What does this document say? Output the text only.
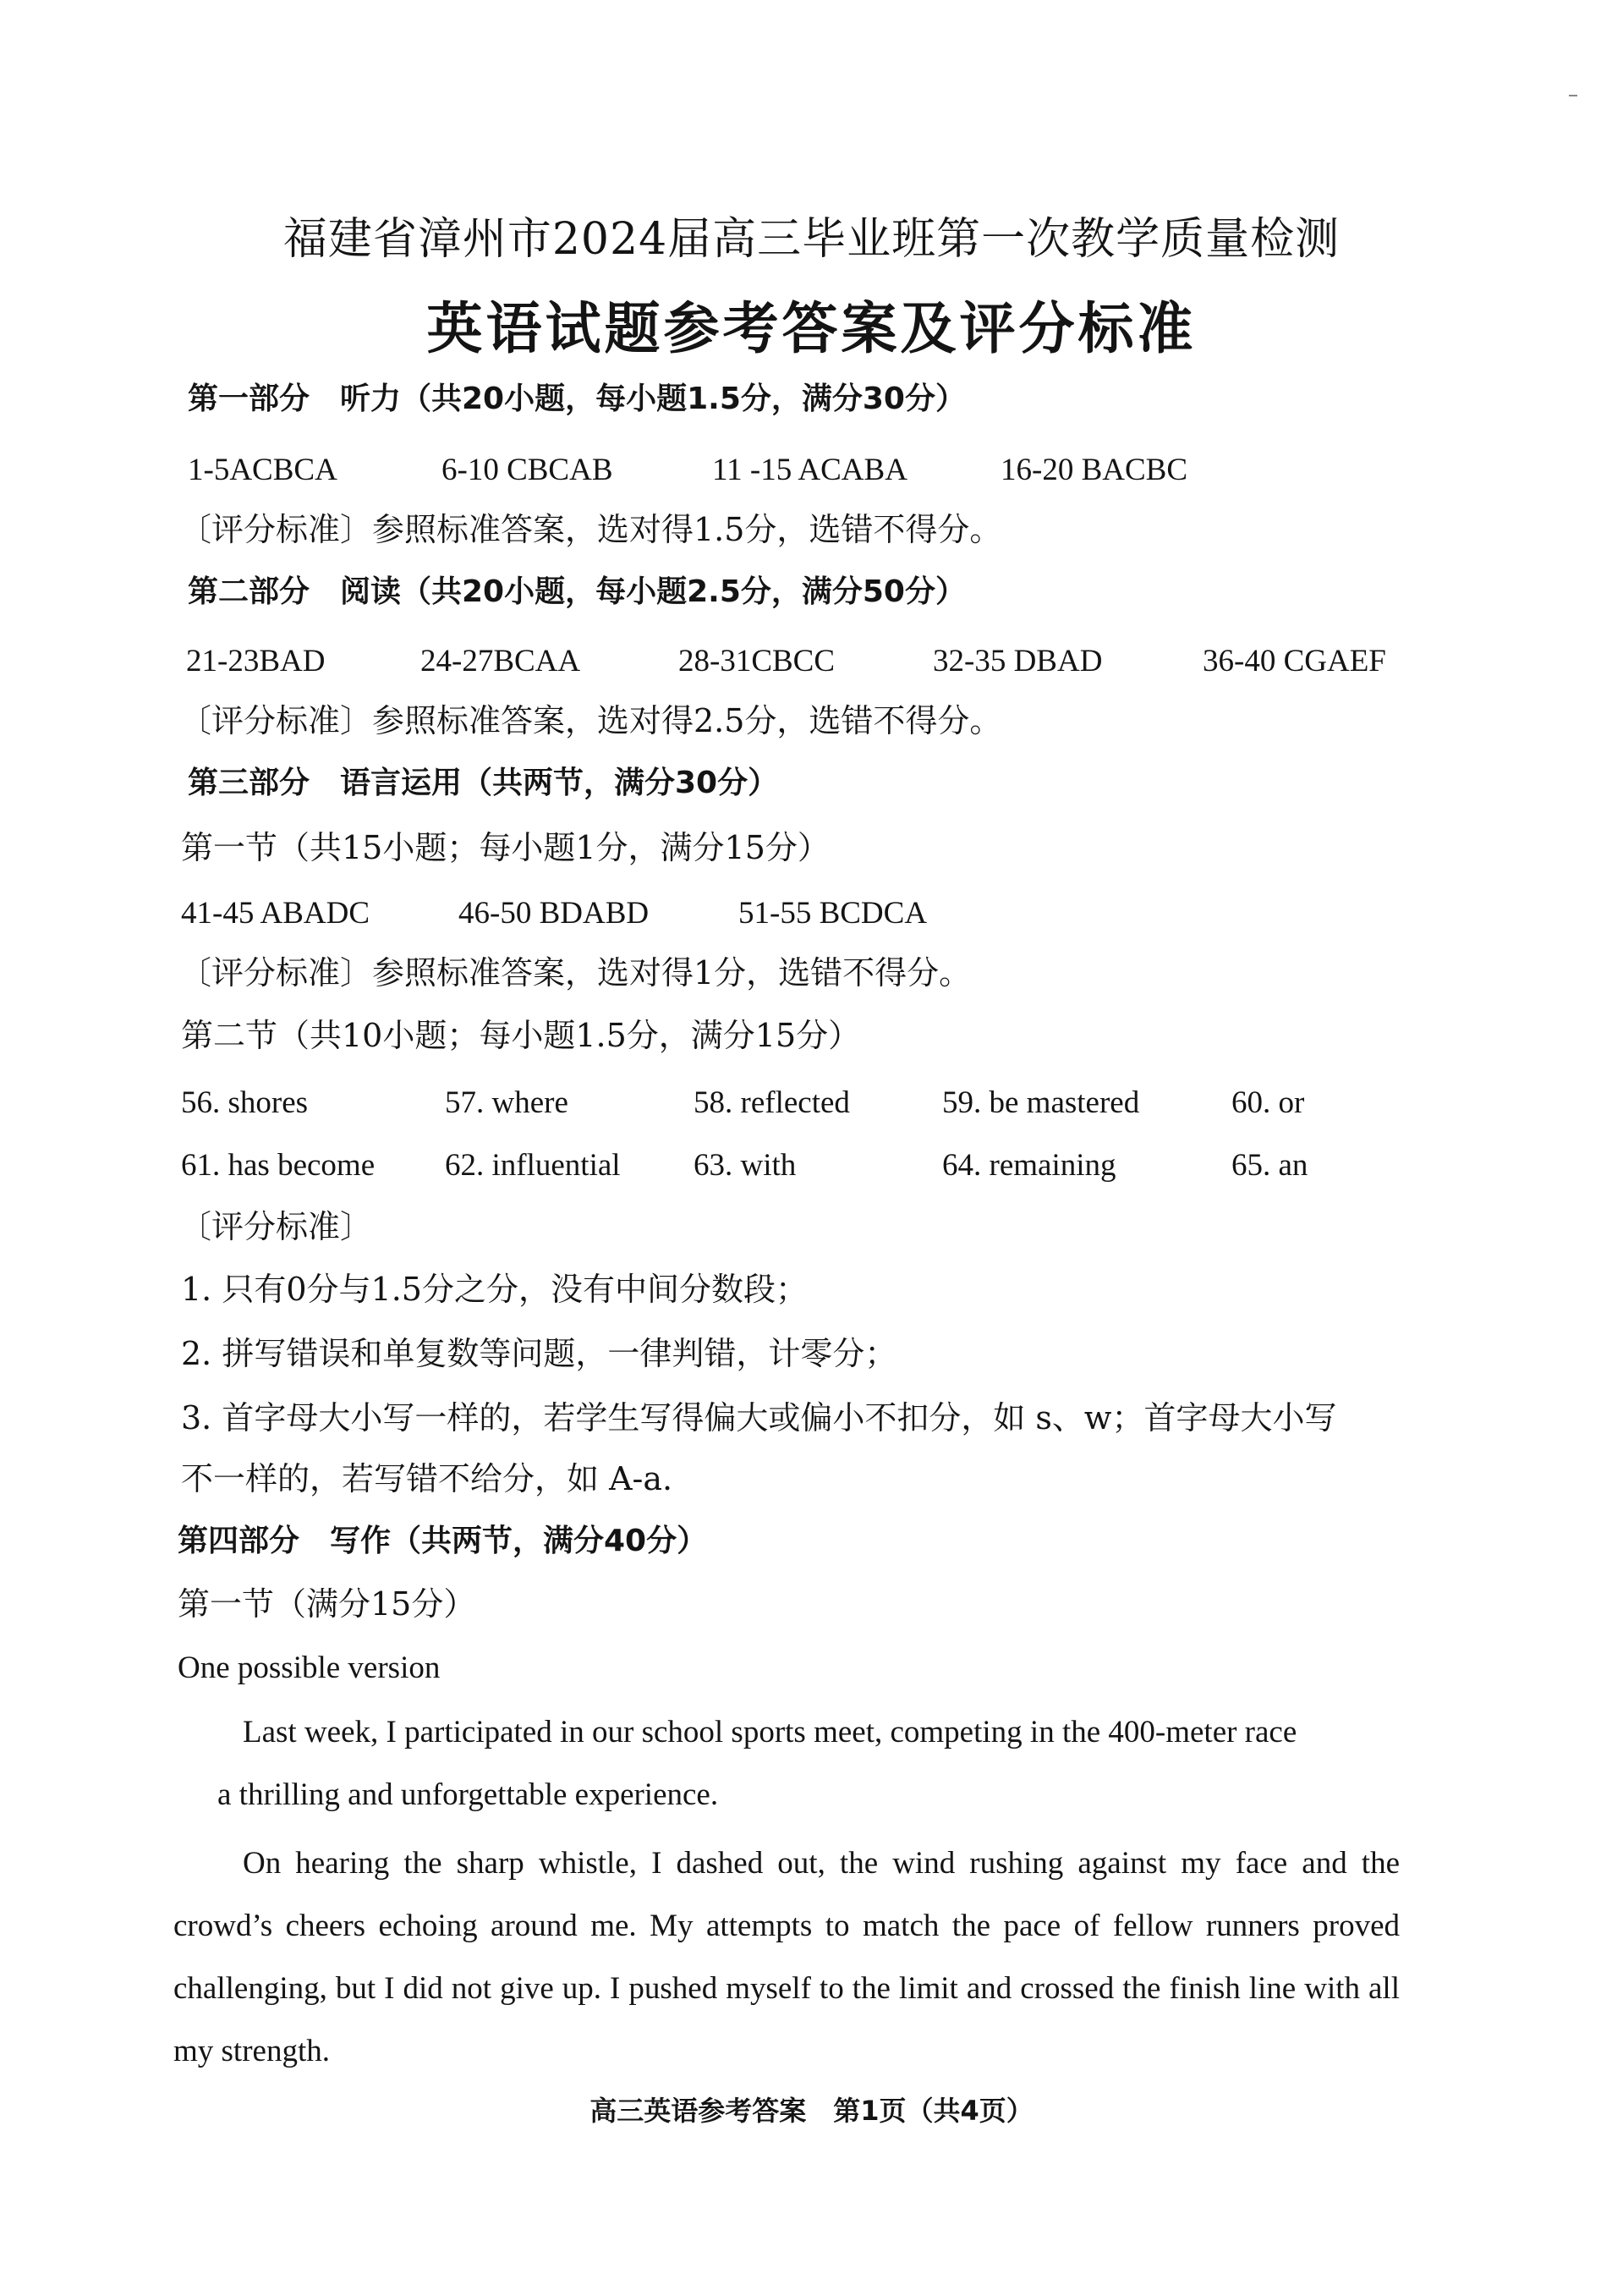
福建省漳州市2024届高三毕业班第一次教学质量检测
英语试题参考答案及评分标准
第一部分　听力（共20小题，每小题1.5分，满分30分）
1-5ACBCA	6-10 CBCAB	11 -15 ACABA	16-20 BACBC
〔评分标准〕参照标准答案，选对得1.5分，选错不得分。
第二部分　阅读（共20小题，每小题2.5分，满分50分）
21-23BAD	24-27BCAA	28-31CBCC	32-35 DBAD	36-40 CGAEF
〔评分标准〕参照标准答案，选对得2.5分，选错不得分。
第三部分　语言运用（共两节，满分30分）
第一节（共15小题；每小题1分，满分15分）
41-45 ABADC	46-50 BDABD	51-55 BCDCA
〔评分标准〕参照标准答案，选对得1分，选错不得分。
第二节（共10小题；每小题1.5分，满分15分）
56. shores	57. where	58. reflected	59. be mastered	60. or
61. has become 62. influential 63. with	64. remaining	65. an
〔评分标准〕
1. 只有0分与1.5分之分，没有中间分数段；
2. 拼写错误和单复数等问题，一律判错，计零分；
3. 首字母大小写一样的，若学生写得偏大或偏小不扣分，如 s、w；首字母大小写
不一样的，若写错不给分，如 A-a.
第四部分　写作（共两节，满分40分）
第一节（满分15分）
One possible version
Last week, I participated in our school sports meet, competing in the 400-meter race
a thrilling and unforgettable experience.
On hearing the sharp whistle, I dashed out, the wind rushing against my face and the crowd’s cheers echoing around me. My attempts to match the pace of fellow runners proved challenging, but I did not give up. I pushed myself to the limit and crossed the finish line with all my strength.
高三英语参考答案　第1页（共4页）
